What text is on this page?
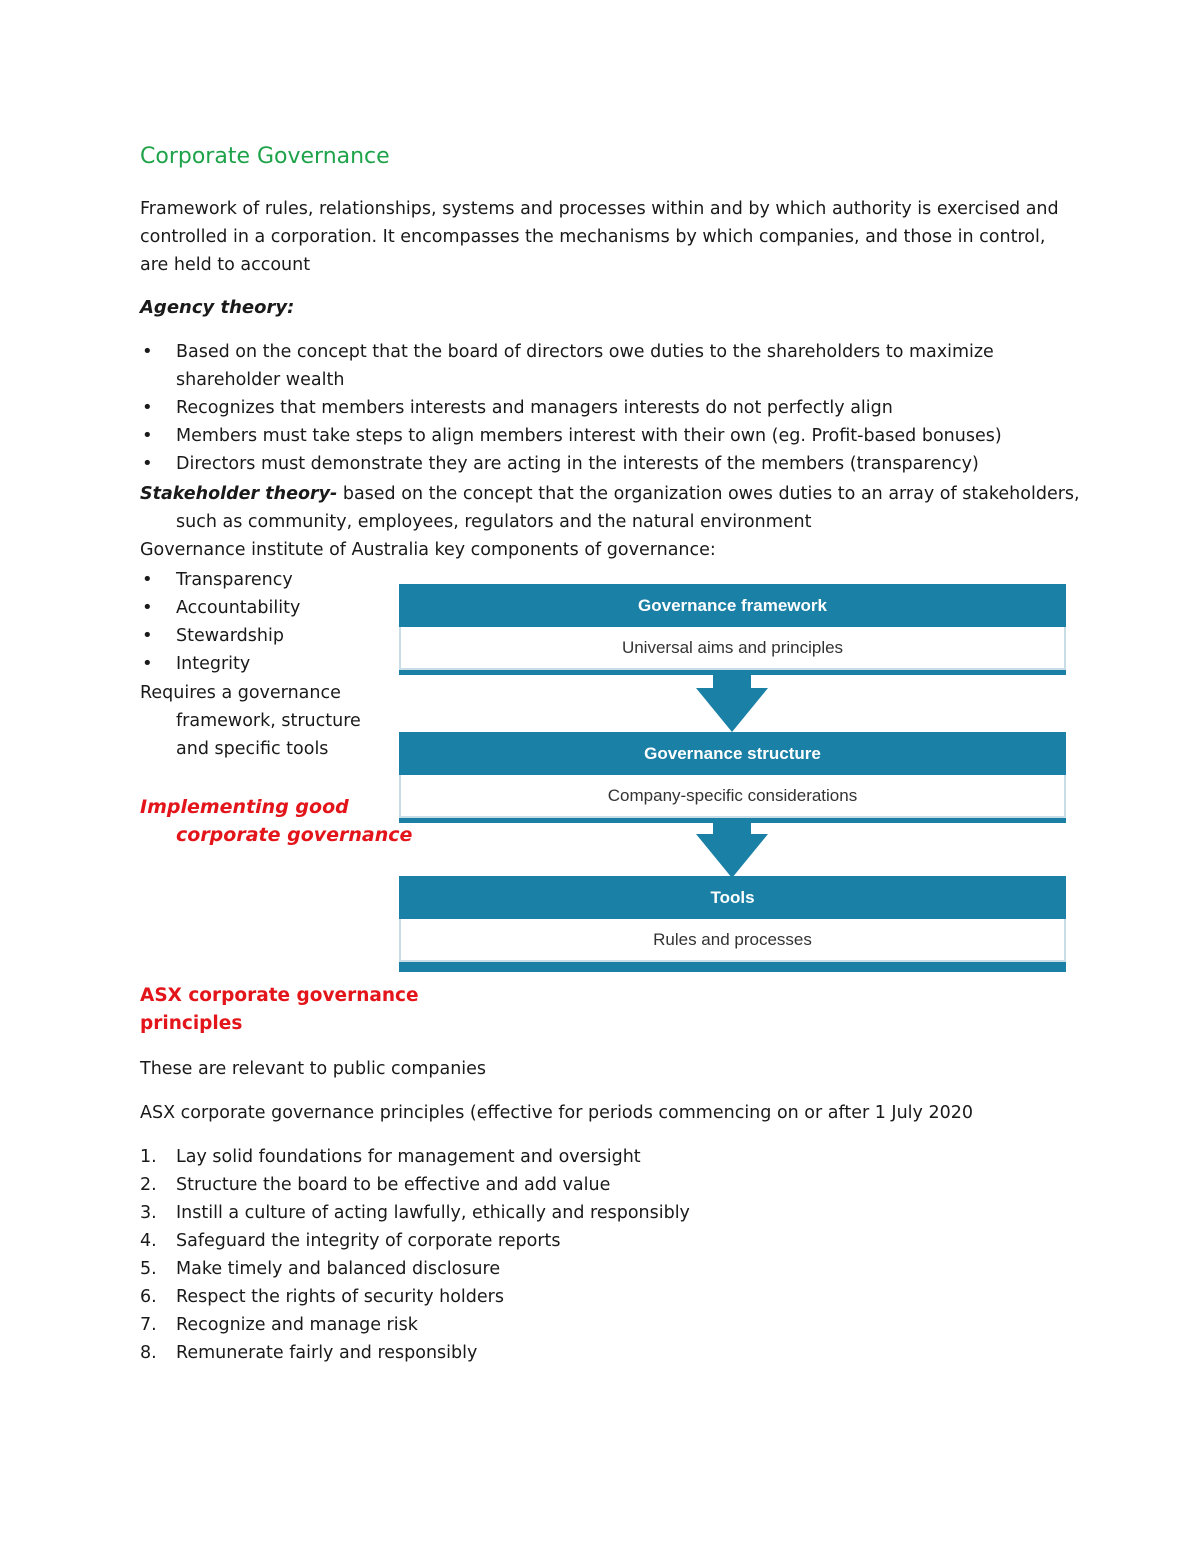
Corporate Governance
Framework of rules, relationships, systems and processes within and by which authority is exercised and
controlled in a corporation. It encompasses the mechanisms by which companies, and those in control,
are held to account
Agency theory:
• Based on the concept that the board of directors owe duties to the shareholders to maximize
shareholder wealth
• Recognizes that members interests and managers interests do not perfectly align
• Members must take steps to align members interest with their own (eg. Profit-based bonuses)
• Directors must demonstrate they are acting in the interests of the members (transparency)
Stakeholder theory- based on the concept that the organization owes duties to an array of stakeholders,
such as community, employees, regulators and the natural environment
Governance institute of Australia key components of governance:
• Transparency
• Accountability
• Stewardship
• Integrity
Requires a governance
framework, structure
and specific tools
Implementing good
corporate governance
Governance framework
Universal aims and principles
Governance structure
Company-specific considerations
Tools
Rules and processes
ASX corporate governance
principles
These are relevant to public companies
ASX corporate governance principles (effective for periods commencing on or after 1 July 2020
1. Lay solid foundations for management and oversight
2. Structure the board to be effective and add value
3. Instill a culture of acting lawfully, ethically and responsibly
4. Safeguard the integrity of corporate reports
5. Make timely and balanced disclosure
6. Respect the rights of security holders
7. Recognize and manage risk
8. Remunerate fairly and responsibly
